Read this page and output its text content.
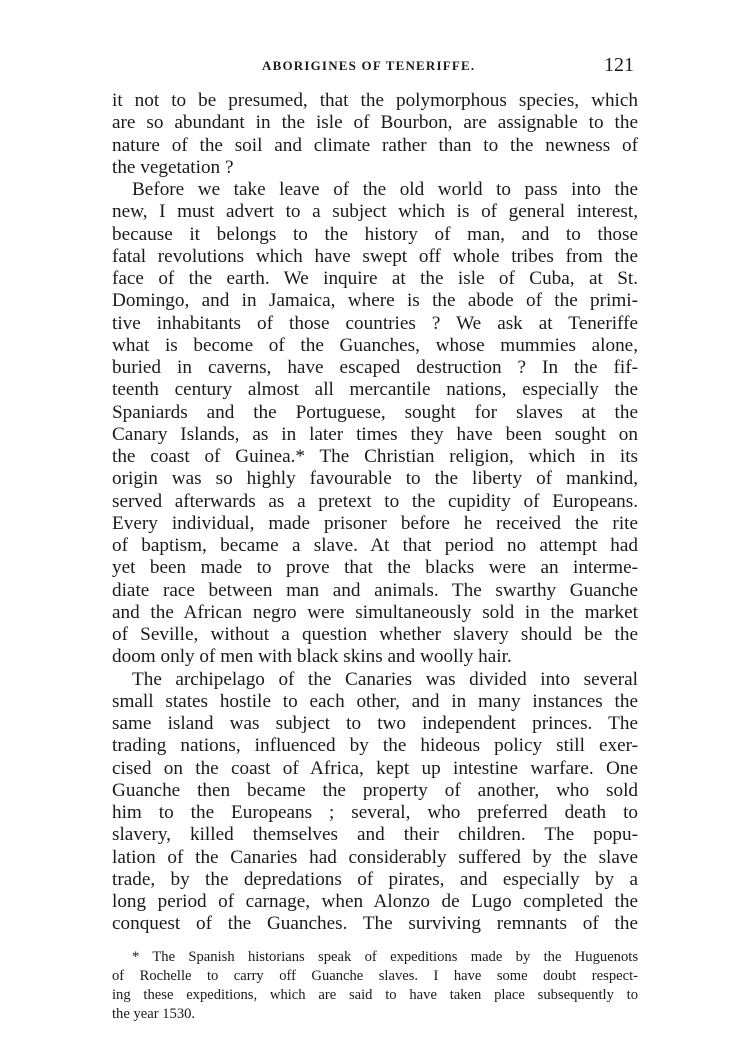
ABORIGINES OF TENERIFFE.	121
it not to be presumed, that the polymorphous species, which
are so abundant in the isle of Bourbon, are assignable to the
nature of the soil and climate rather than to the newness of
the vegetation ?
Before we take leave of the old world to pass into the
new, I must advert to a subject which is of general interest,
because it belongs to the history of man, and to those
fatal revolutions which have swept off whole tribes from the
face of the earth. We inquire at the isle of Cuba, at St.
Domingo, and in Jamaica, where is the abode of the primi-
tive inhabitants of those countries ? We ask at Teneriffe
what is become of the Guanches, whose mummies alone,
buried in caverns, have escaped destruction ? In the fif-
teenth century almost all mercantile nations, especially the
Spaniards and the Portuguese, sought for slaves at the
Canary Islands, as in later times they have been sought on
the coast of Guinea.* The Christian religion, which in its
origin was so highly favourable to the liberty of mankind,
served afterwards as a pretext to the cupidity of Europeans.
Every individual, made prisoner before he received the rite
of baptism, became a slave. At that period no attempt had
yet been made to prove that the blacks were an interme-
diate race between man and animals. The swarthy Guanche
and the African negro were simultaneously sold in the market
of Seville, without a question whether slavery should be the
doom only of men with black skins and woolly hair.
The archipelago of the Canaries was divided into several
small states hostile to each other, and in many instances the
same island was subject to two independent princes. The
trading nations, influenced by the hideous policy still exer-
cised on the coast of Africa, kept up intestine warfare. One
Guanche then became the property of another, who sold
him to the Europeans ; several, who preferred death to
slavery, killed themselves and their children. The popu-
lation of the Canaries had considerably suffered by the slave
trade, by the depredations of pirates, and especially by a
long period of carnage, when Alonzo de Lugo completed the
conquest of the Guanches. The surviving remnants of the
* The Spanish historians speak of expeditions made by the Huguenots
of Rochelle to carry off Guanche slaves. I have some doubt respect-
ing these expeditions, which are said to have taken place subsequently to
the year 1530.
